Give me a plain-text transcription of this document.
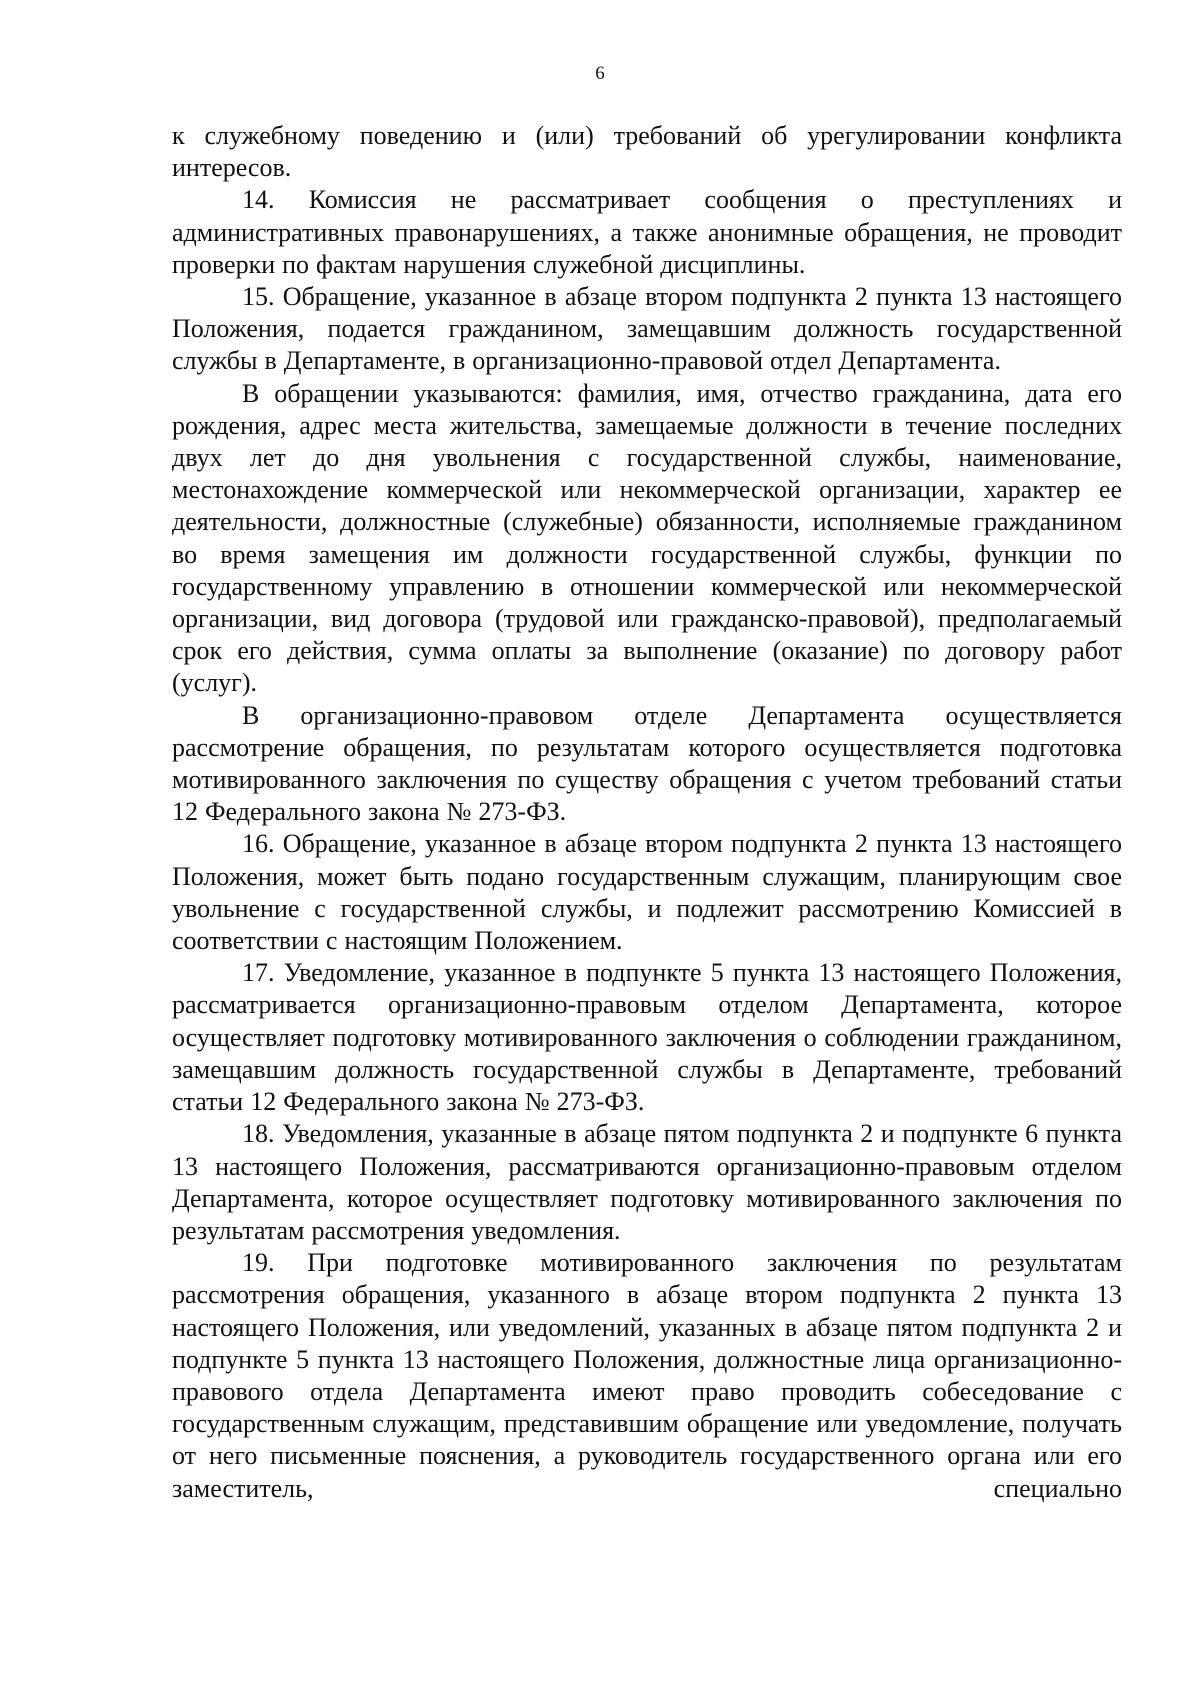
6

к служебному поведению и (или) требований об урегулировании конфликта интересов.

14. Комиссия не рассматривает сообщения о преступлениях и административных правонарушениях, а также анонимные обращения, не проводит проверки по фактам нарушения служебной дисциплины.

15. Обращение, указанное в абзаце втором подпункта 2 пункта 13 настоящего Положения, подается гражданином, замещавшим должность государственной службы в Департаменте, в организационно-правовой отдел Департамента.

В обращении указываются: фамилия, имя, отчество гражданина, дата его рождения, адрес места жительства, замещаемые должности в течение последних двух лет до дня увольнения с государственной службы, наименование, местонахождение коммерческой или некоммерческой организации, характер ее деятельности, должностные (служебные) обязанности, исполняемые гражданином во время замещения им должности государственной службы, функции по государственному управлению в отношении коммерческой или некоммерческой организации, вид договора (трудовой или гражданско-правовой), предполагаемый срок его действия, сумма оплаты за выполнение (оказание) по договору работ (услуг).

В организационно-правовом отделе Департамента осуществляется рассмотрение обращения, по результатам которого осуществляется подготовка мотивированного заключения по существу обращения с учетом требований статьи 12 Федерального закона № 273-ФЗ.

16. Обращение, указанное в абзаце втором подпункта 2 пункта 13 настоящего Положения, может быть подано государственным служащим, планирующим свое увольнение с государственной службы, и подлежит рассмотрению Комиссией в соответствии с настоящим Положением.

17. Уведомление, указанное в подпункте 5 пункта 13 настоящего Положения, рассматривается организационно-правовым отделом Департамента, которое осуществляет подготовку мотивированного заключения о соблюдении гражданином, замещавшим должность государственной службы в Департаменте, требований статьи 12 Федерального закона № 273-ФЗ.

18. Уведомления, указанные в абзаце пятом подпункта 2 и подпункте 6 пункта 13 настоящего Положения, рассматриваются организационно-правовым отделом Департамента, которое осуществляет подготовку мотивированного заключения по результатам рассмотрения уведомления.

19. При подготовке мотивированного заключения по результатам рассмотрения обращения, указанного в абзаце втором подпункта 2 пункта 13 настоящего Положения, или уведомлений, указанных в абзаце пятом подпункта 2 и подпункте 5 пункта 13 настоящего Положения, должностные лица организационно-правового отдела Департамента имеют право проводить собеседование с государственным служащим, представившим обращение или уведомление, получать от него письменные пояснения, а руководитель государственного органа или его заместитель, специально
